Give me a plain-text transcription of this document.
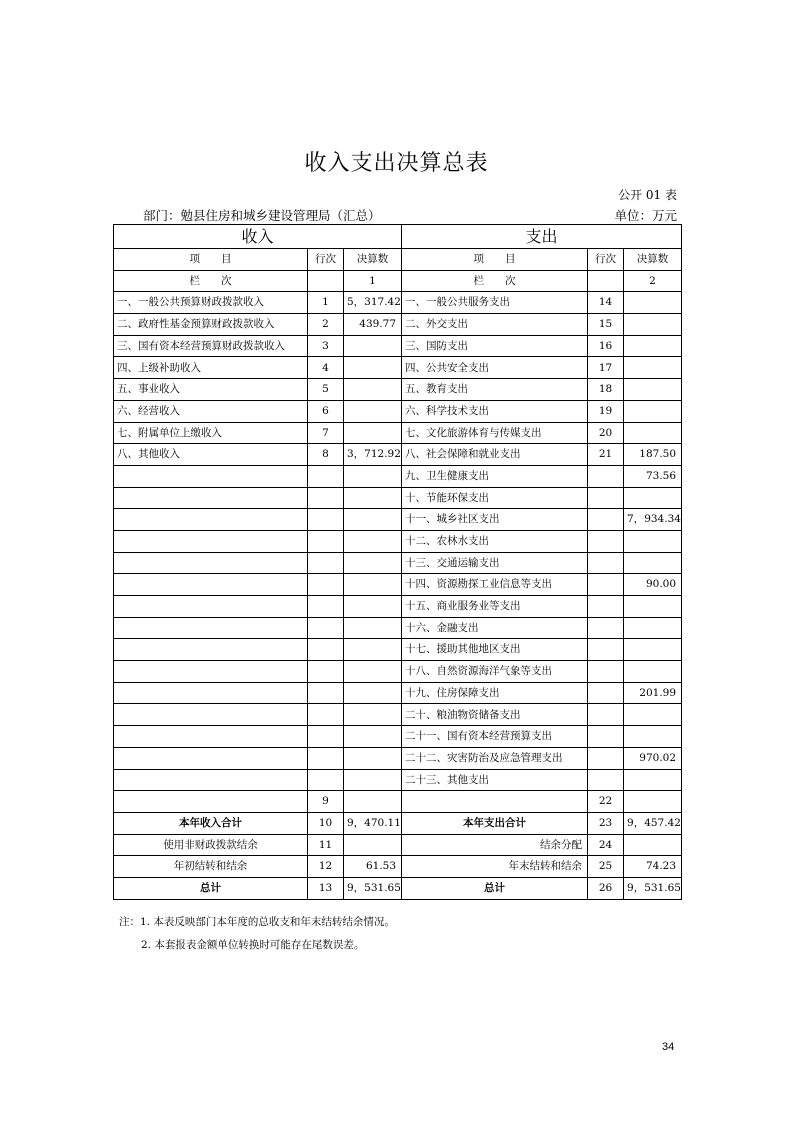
收入支出决算总表
公开 01 表
部门：勉县住房和城乡建设管理局（汇总）	单位：万元
收入			支出		
项　　目	行次	决算数	项　　目	行次	决算数
栏　　次		1	栏　　次		2
一、一般公共预算财政拨款收入	1	5，317.42	一、一般公共服务支出	14	
二、政府性基金预算财政拨款收入	2	439.77	二、外交支出	15	
三、国有资本经营预算财政拨款收入	3		三、国防支出	16	
四、上级补助收入	4		四、公共安全支出	17	
五、事业收入	5		五、教育支出	18	
六、经营收入	6		六、科学技术支出	19	
七、附属单位上缴收入	7		七、文化旅游体育与传媒支出	20	
八、其他收入	8	3，712.92	八、社会保障和就业支出	21	187.50
			九、卫生健康支出		73.56
			十、节能环保支出		
			十一、城乡社区支出		7，934.34
			十二、农林水支出		
			十三、交通运输支出		
			十四、资源勘探工业信息等支出		90.00
			十五、商业服务业等支出		
			十六、金融支出		
			十七、援助其他地区支出		
			十八、自然资源海洋气象等支出		
			十九、住房保障支出		201.99
			二十、粮油物资储备支出		
			二十一、国有资本经营预算支出		
			二十二、灾害防治及应急管理支出		970.02
			二十三、其他支出		
	9			22	
本年收入合计	10	9，470.11	本年支出合计	23	9，457.42
使用非财政拨款结余	11		结余分配	24	
年初结转和结余	12	61.53	年末结转和结余	25	74.23
总计	13	9，531.65	总计	26	9，531.65
注：1. 本表反映部门本年度的总收支和年末结转结余情况。
2. 本套报表金额单位转换时可能存在尾数误差。
34
